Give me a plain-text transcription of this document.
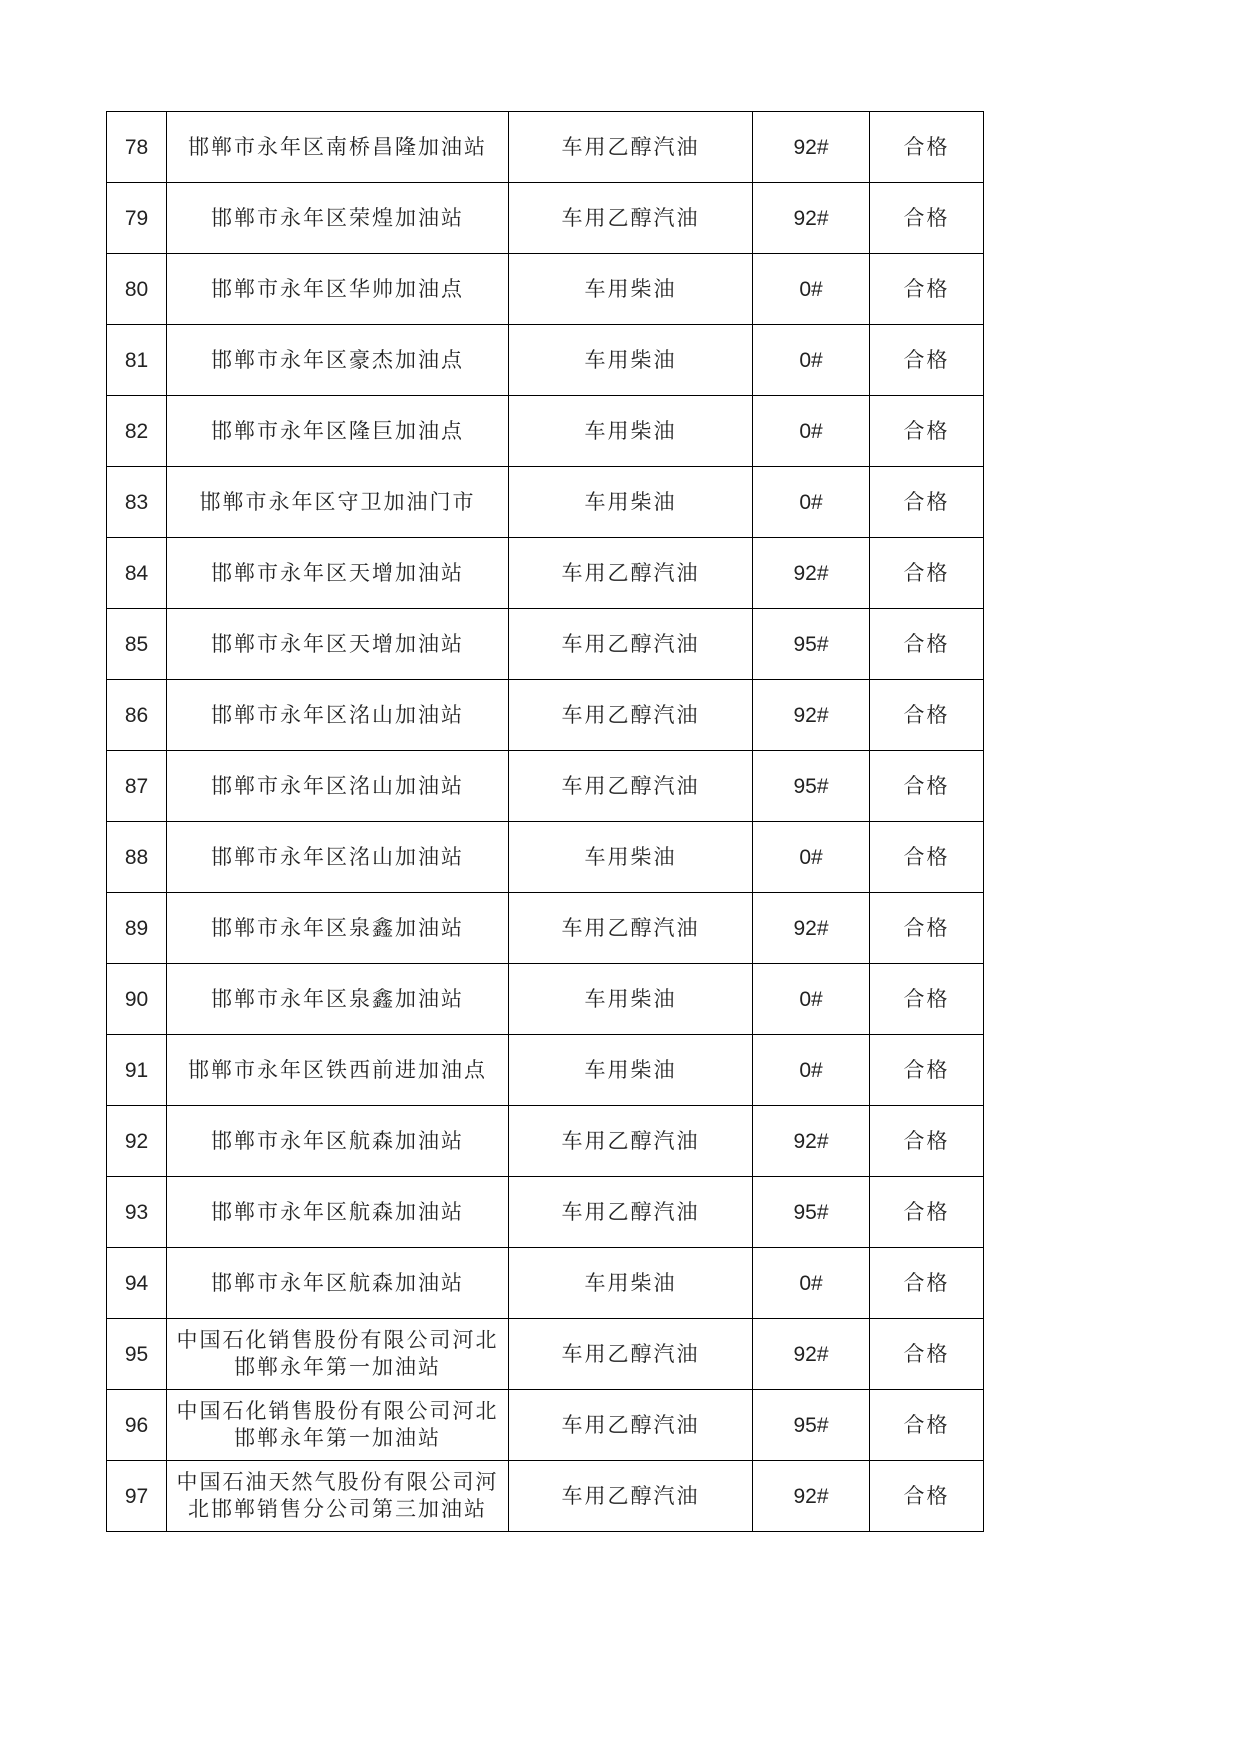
78	邯郸市永年区南桥昌隆加油站	车用乙醇汽油	92#	合格
79	邯郸市永年区荣煌加油站	车用乙醇汽油	92#	合格
80	邯郸市永年区华帅加油点	车用柴油	0#	合格
81	邯郸市永年区豪杰加油点	车用柴油	0#	合格
82	邯郸市永年区隆巨加油点	车用柴油	0#	合格
83	邯郸市永年区守卫加油门市	车用柴油	0#	合格
84	邯郸市永年区天增加油站	车用乙醇汽油	92#	合格
85	邯郸市永年区天增加油站	车用乙醇汽油	95#	合格
86	邯郸市永年区洺山加油站	车用乙醇汽油	92#	合格
87	邯郸市永年区洺山加油站	车用乙醇汽油	95#	合格
88	邯郸市永年区洺山加油站	车用柴油	0#	合格
89	邯郸市永年区泉鑫加油站	车用乙醇汽油	92#	合格
90	邯郸市永年区泉鑫加油站	车用柴油	0#	合格
91	邯郸市永年区铁西前进加油点	车用柴油	0#	合格
92	邯郸市永年区航森加油站	车用乙醇汽油	92#	合格
93	邯郸市永年区航森加油站	车用乙醇汽油	95#	合格
94	邯郸市永年区航森加油站	车用柴油	0#	合格
95	中国石化销售股份有限公司河北邯郸永年第一加油站	车用乙醇汽油	92#	合格
96	中国石化销售股份有限公司河北邯郸永年第一加油站	车用乙醇汽油	95#	合格
97	中国石油天然气股份有限公司河北邯郸销售分公司第三加油站	车用乙醇汽油	92#	合格
